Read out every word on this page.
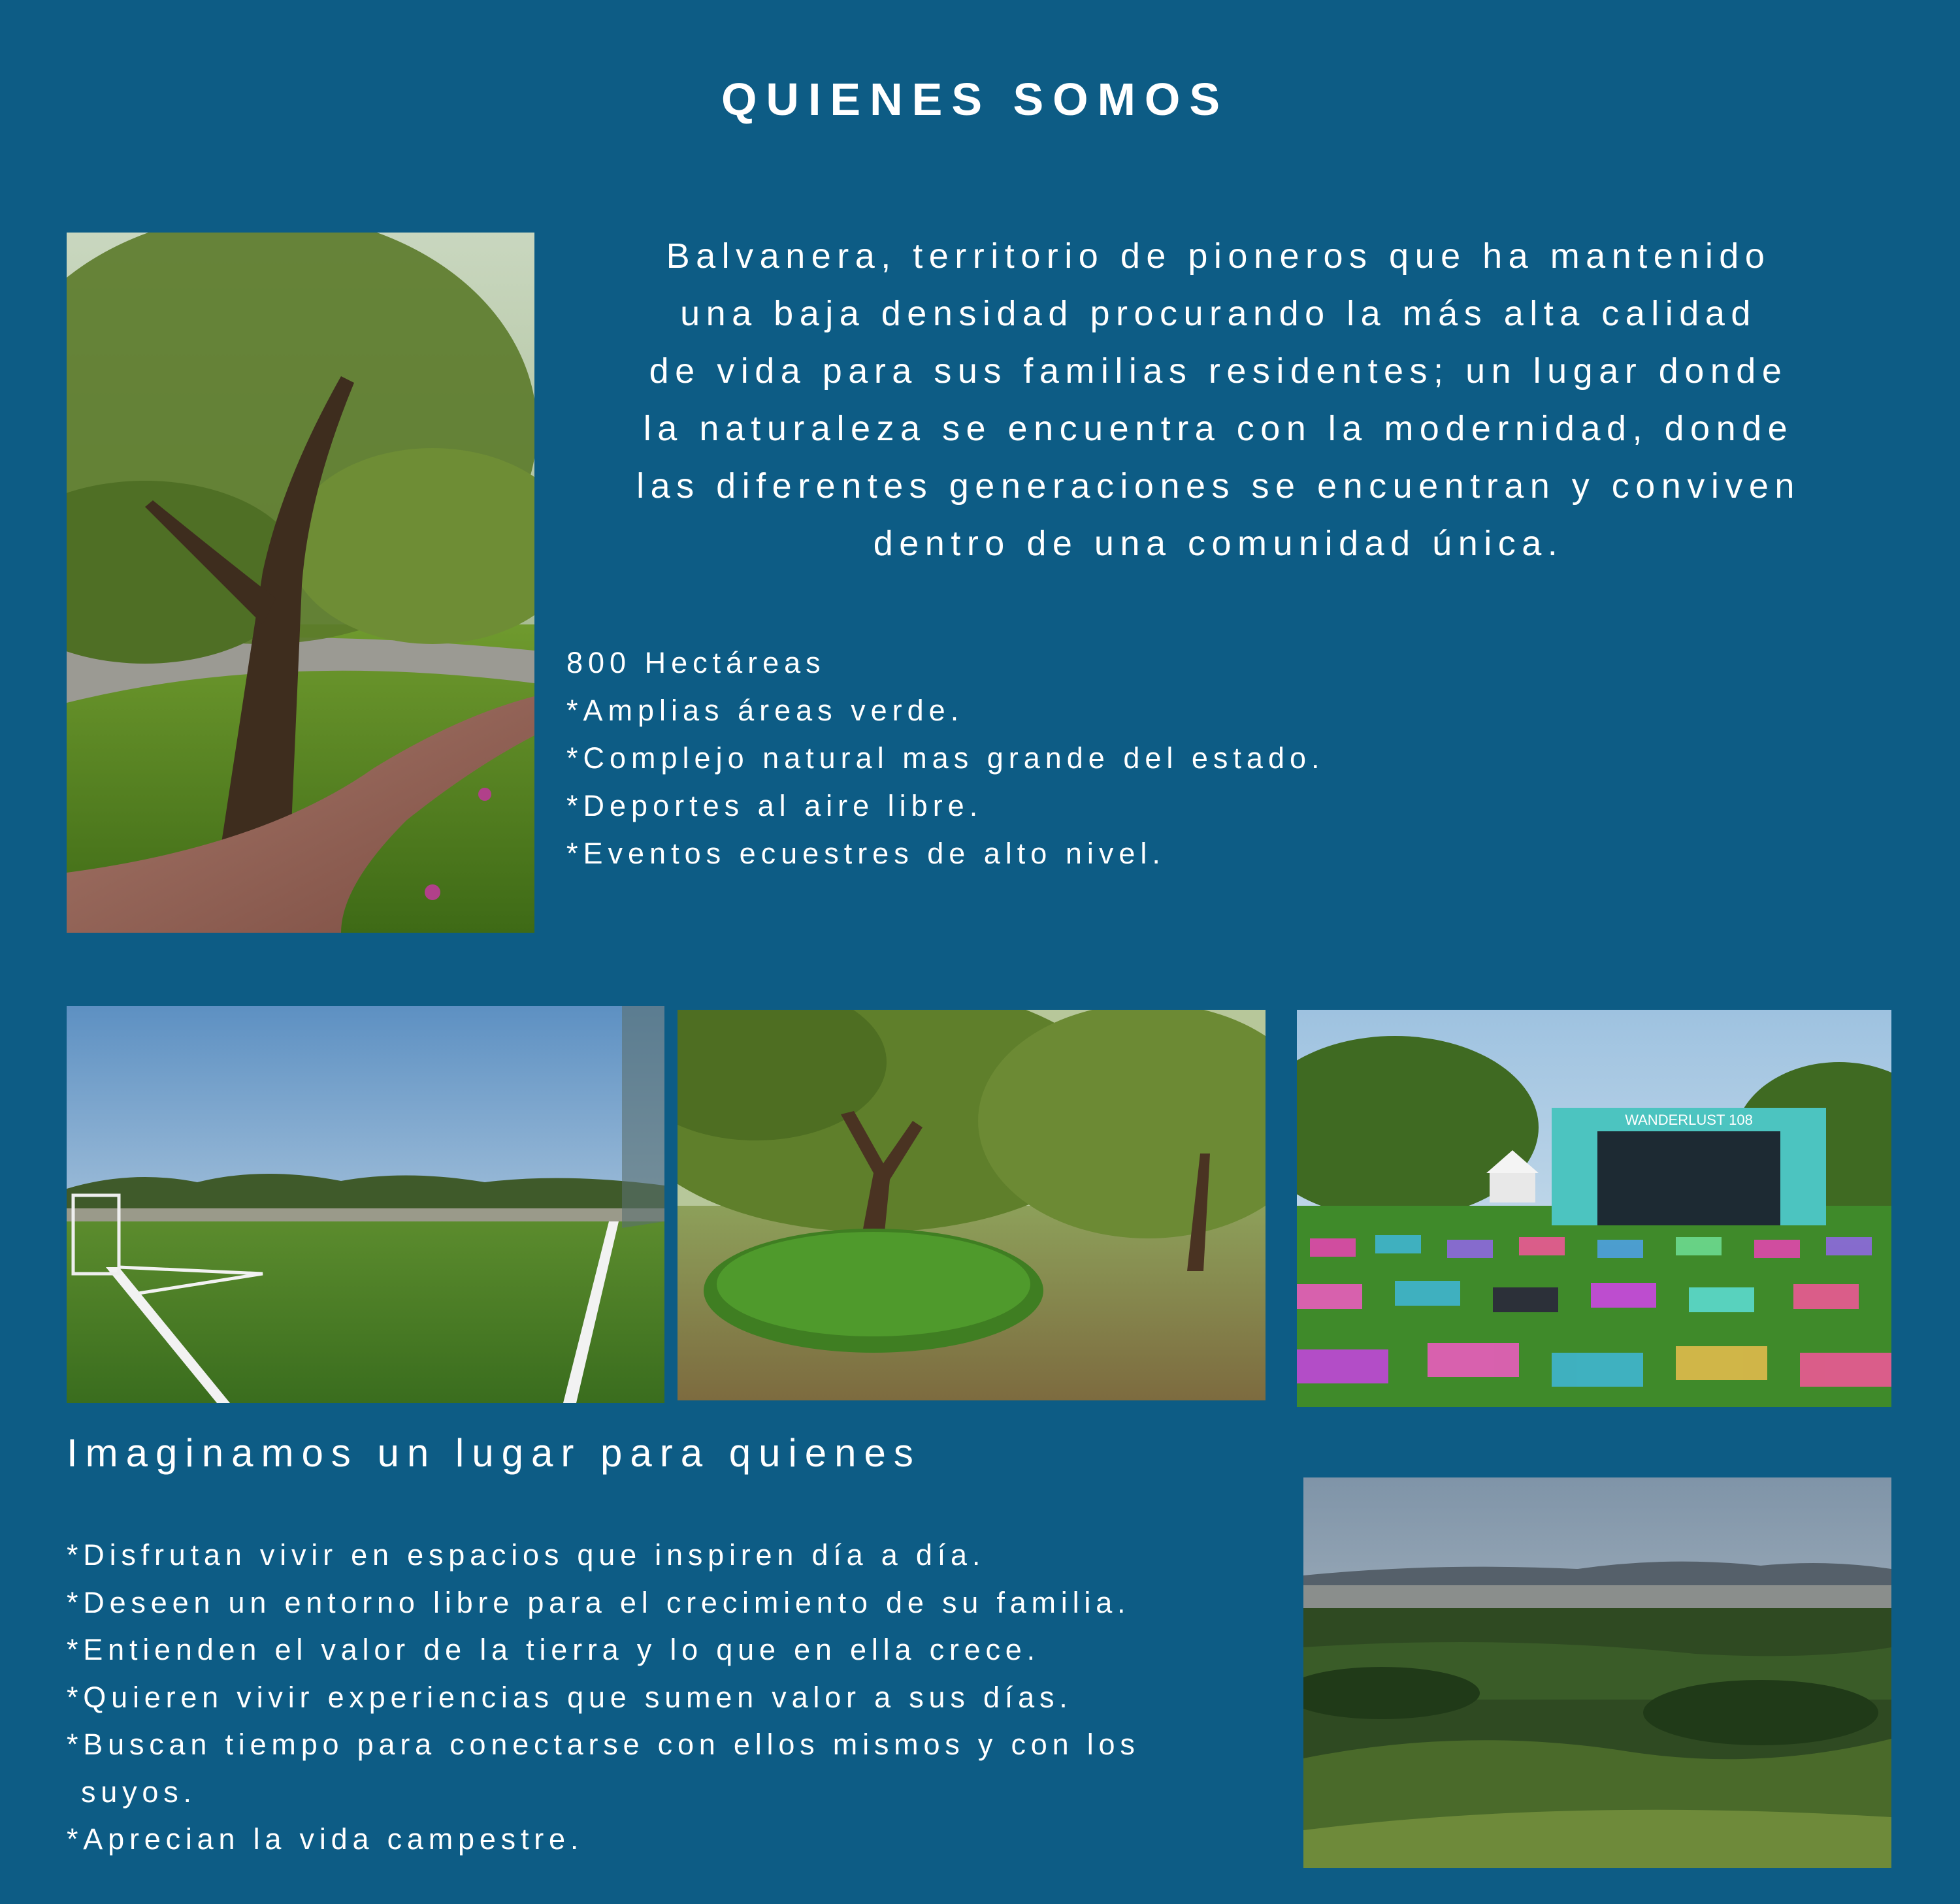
QUIENES SOMOS
Balvanera, territorio de pioneros que ha mantenido
una baja densidad procurando la más alta calidad
de vida para sus familias residentes; un lugar donde
la naturaleza se encuentra con la modernidad, donde
las diferentes generaciones se encuentran y conviven
dentro de una comunidad única.
800 Hectáreas
*Amplias áreas verde.
*Complejo natural mas grande del estado.
*Deportes al aire libre.
*Eventos ecuestres de alto nivel.
WANDERLUST 108
Imaginamos un lugar para quienes
*Disfrutan vivir en espacios que inspiren día a día.
*Deseen un entorno libre para el crecimiento de su familia.
*Entienden el valor de la tierra y lo que en ella crece.
*Quieren vivir experiencias que sumen valor a sus días.
*Buscan tiempo para conectarse con ellos mismos y con los
suyos.
*Aprecian la vida campestre.
